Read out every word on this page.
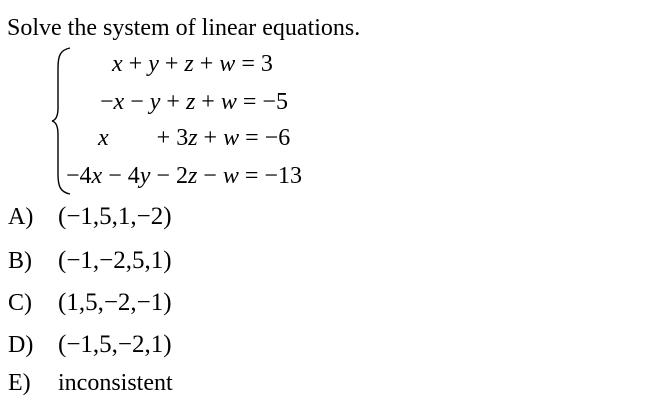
Solve the system of linear equations.
x + y + z + w = 3
−x − y + z + w = −5
x + 3z + w = −6
−4x − 4y − 2z − w = −13
A) (−1,5,1,−2)
B) (−1,−2,5,1)
C) (1,5,−2,−1)
D) (−1,5,−2,1)
E) inconsistent
